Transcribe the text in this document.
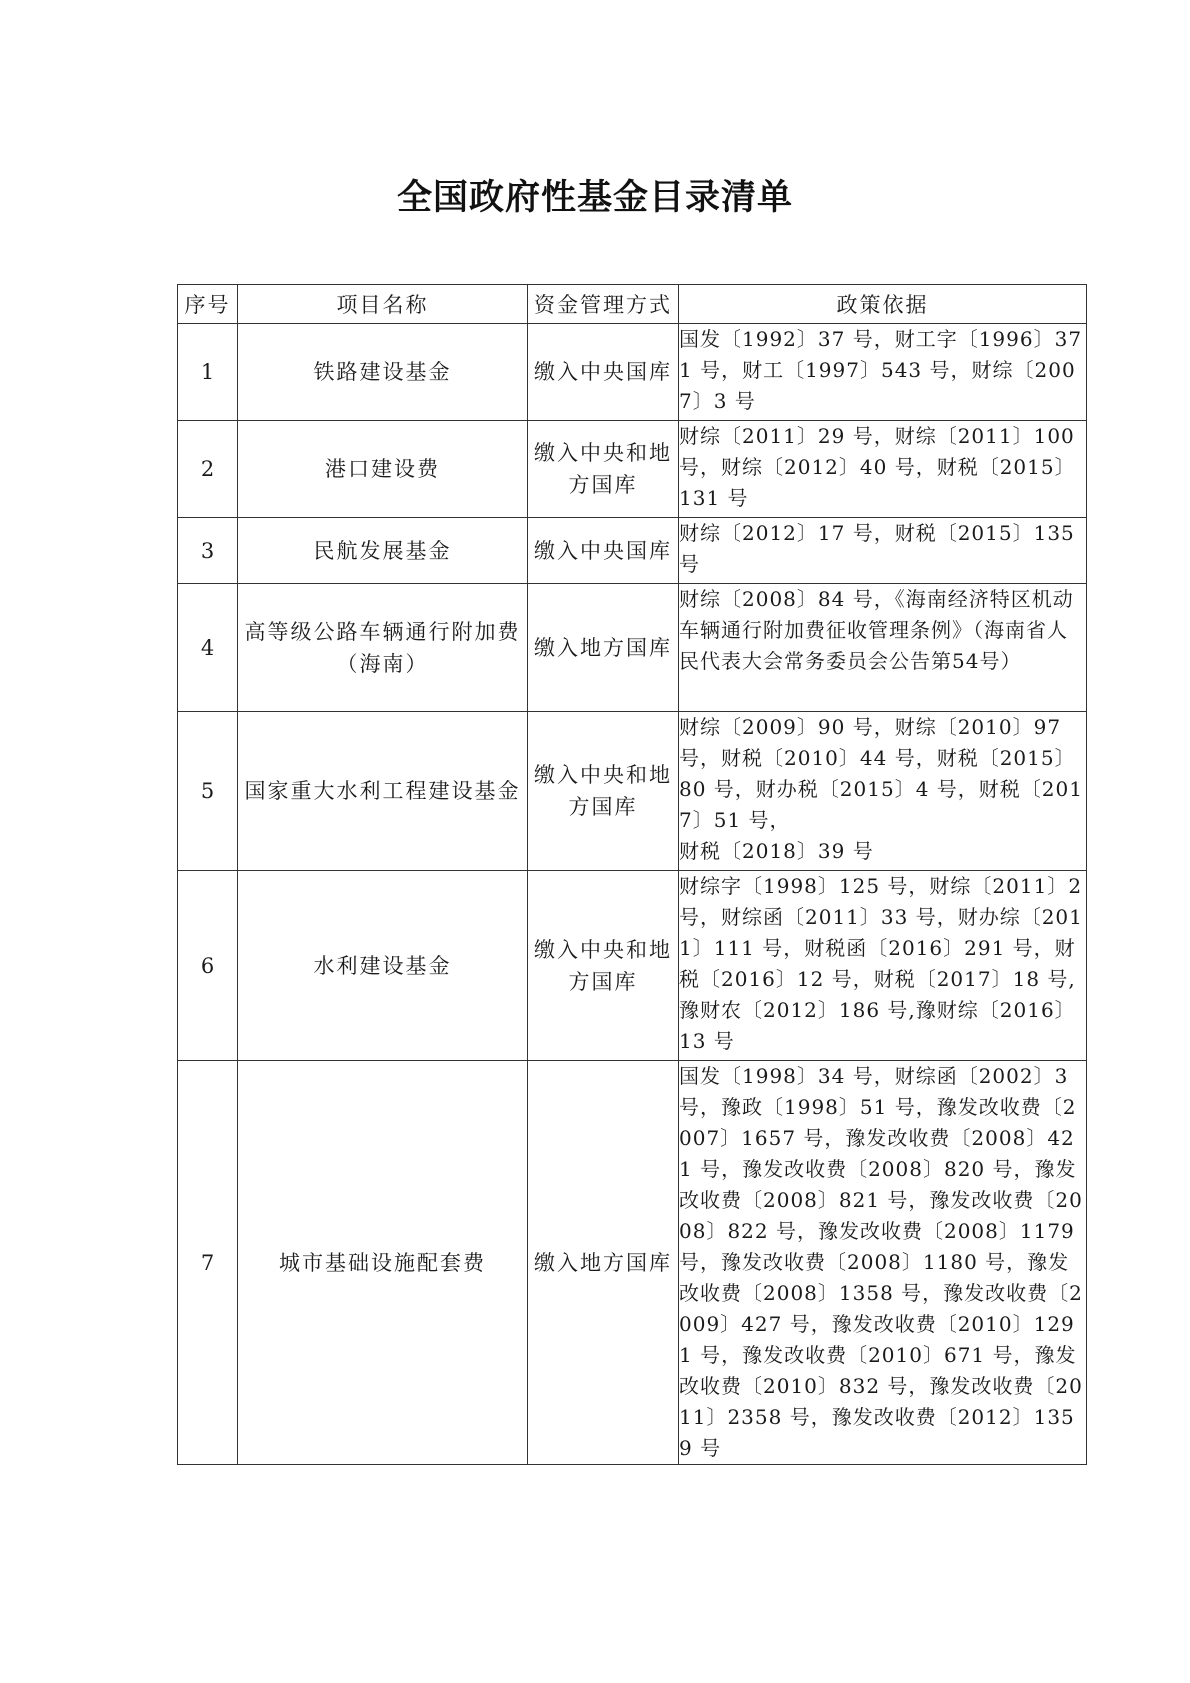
全国政府性基金目录清单
序号	项目名称	资金管理方式	政策依据
1	铁路建设基金	缴入中央国库	国发〔1992〕37 号，财工字〔1996〕371 号，财工〔1997〕543 号，财综〔2007〕3 号
2	港口建设费	缴入中央和地方国库	财综〔2011〕29 号，财综〔2011〕100 号，财综〔2012〕40 号，财税〔2015〕131 号
3	民航发展基金	缴入中央国库	财综〔2012〕17 号，财税〔2015〕135 号
4	高等级公路车辆通行附加费（海南）	缴入地方国库	财综〔2008〕84 号，《海南经济特区机动车辆通行附加费征收管理条例》（海南省人民代表大会常务委员会公告第54号）
5	国家重大水利工程建设基金	缴入中央和地方国库	财综〔2009〕90 号，财综〔2010〕97 号，财税〔2010〕44 号，财税〔2015〕80 号，财办税〔2015〕4 号，财税〔2017〕51 号，
财税〔2018〕39 号
6	水利建设基金	缴入中央和地方国库	财综字〔1998〕125 号，财综〔2011〕2 号，财综函〔2011〕33 号，财办综〔2011〕111 号，财税函〔2016〕291 号，财税〔2016〕12 号，财税〔2017〕18 号,豫财农〔2012〕186 号,豫财综〔2016〕13 号
7	城市基础设施配套费	缴入地方国库	国发〔1998〕34 号，财综函〔2002〕3 号，豫政〔1998〕51 号，豫发改收费〔2007〕1657 号，豫发改收费〔2008〕421 号，豫发改收费〔2008〕820 号，豫发改收费〔2008〕821 号，豫发改收费〔2008〕822 号，豫发改收费〔2008〕1179 号，豫发改收费〔2008〕1180 号，豫发改收费〔2008〕1358 号，豫发改收费〔2009〕427 号，豫发改收费〔2010〕1291 号，豫发改收费〔2010〕671 号，豫发改收费〔2010〕832 号，豫发改收费〔2011〕2358 号，豫发改收费〔2012〕1359 号
